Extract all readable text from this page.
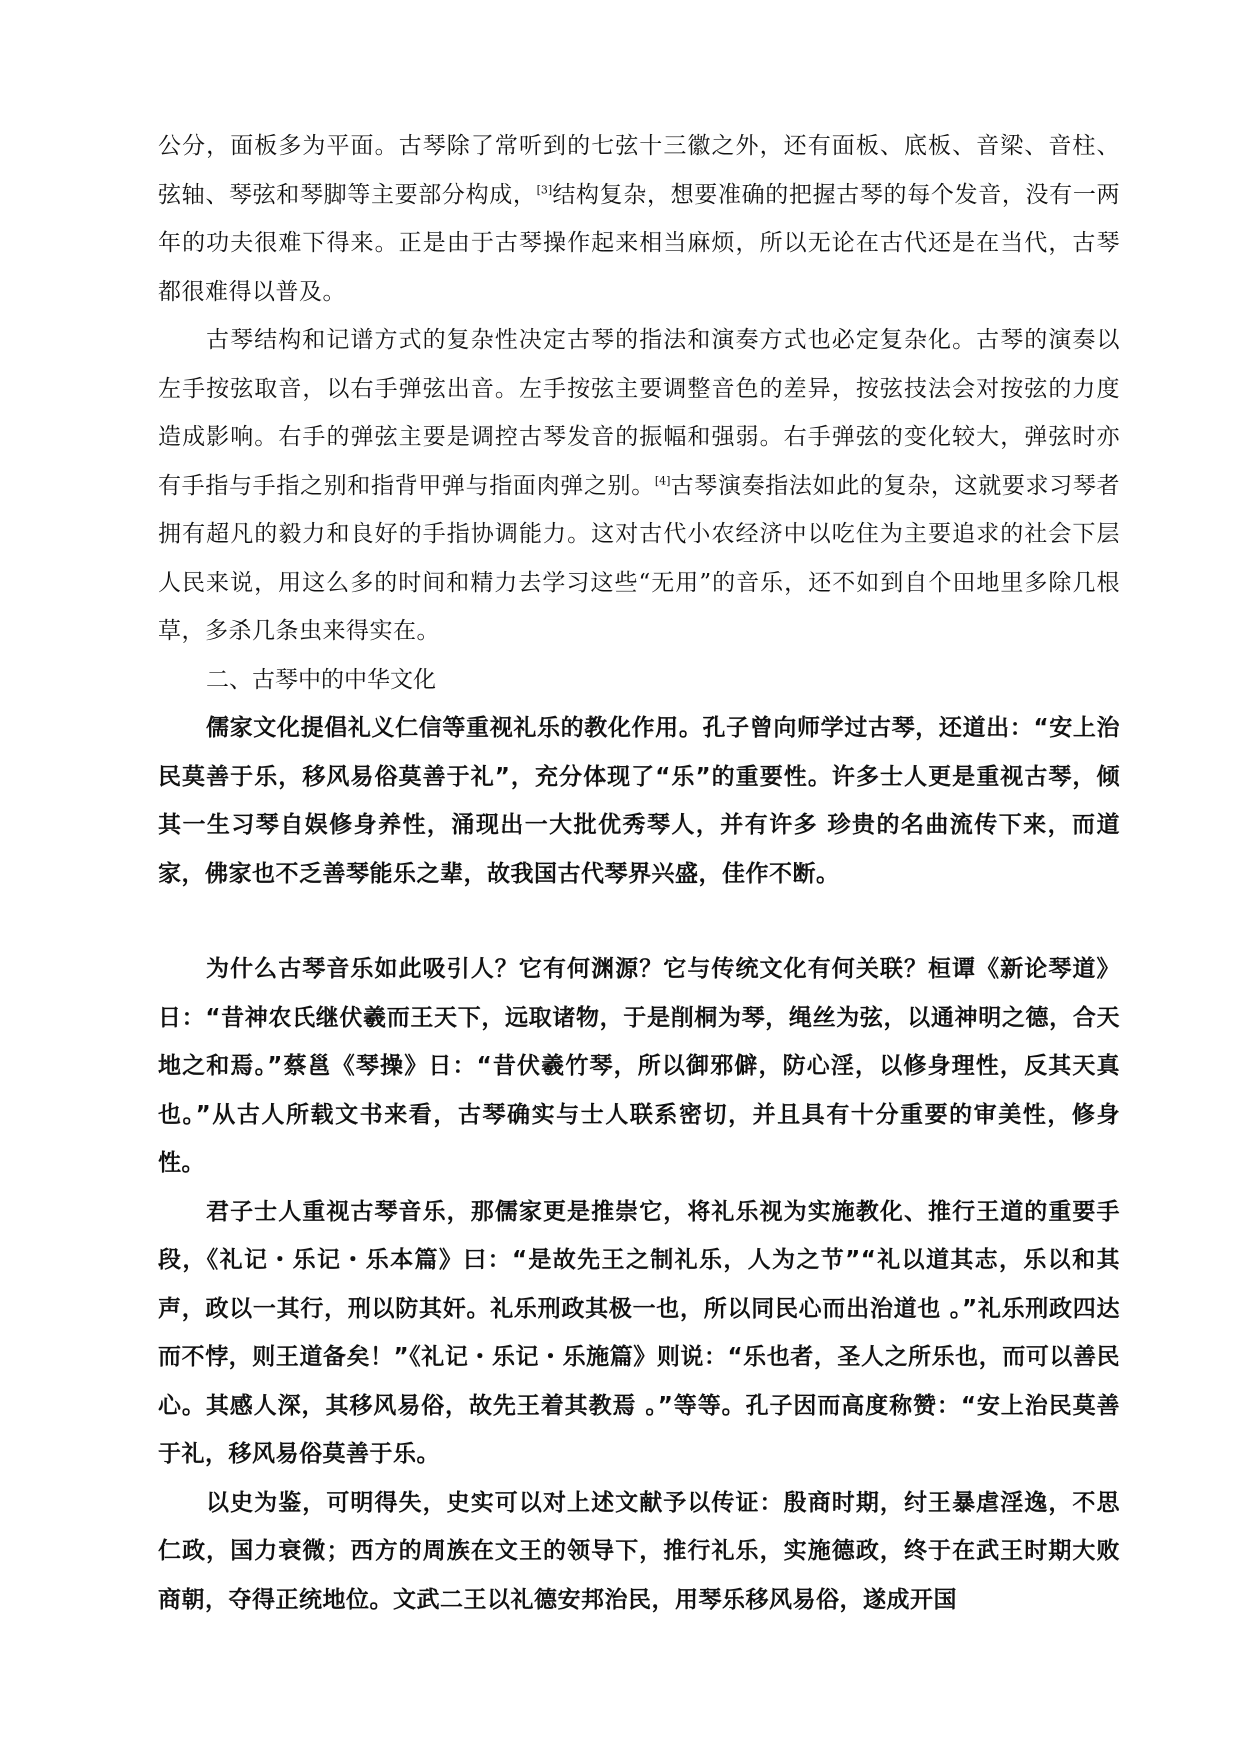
公分，面板多为平面。古琴除了常听到的七弦十三徽之外，还有面板、底板、音梁、音柱、弦轴、琴弦和琴脚等主要部分构成，[3]结构复杂，想要准确的把握古琴的每个发音，没有一两年的功夫很难下得来。正是由于古琴操作起来相当麻烦，所以无论在古代还是在当代，古琴都很难得以普及。

古琴结构和记谱方式的复杂性决定古琴的指法和演奏方式也必定复杂化。古琴的演奏以左手按弦取音，以右手弹弦出音。左手按弦主要调整音色的差异，按弦技法会对按弦的力度造成影响。右手的弹弦主要是调控古琴发音的振幅和强弱。右手弹弦的变化较大，弹弦时亦有手指与手指之别和指背甲弹与指面肉弹之别。[4]古琴演奏指法如此的复杂，这就要求习琴者拥有超凡的毅力和良好的手指协调能力。这对古代小农经济中以吃住为主要追求的社会下层人民来说，用这么多的时间和精力去学习这些“无用”的音乐，还不如到自个田地里多除几根草，多杀几条虫来得实在。

二、古琴中的中华文化

儒家文化提倡礼义仁信等重视礼乐的教化作用。孔子曾向师学过古琴，还道出：“安上治民莫善于乐，移风易俗莫善于礼”，充分体现了“乐”的重要性。许多士人更是重视古琴，倾其一生习琴自娱修身养性，涌现出一大批优秀琴人，并有许多 珍贵的名曲流传下来，而道家，佛家也不乏善琴能乐之辈，故我国古代琴界兴盛，佳作不断。

为什么古琴音乐如此吸引人？它有何渊源？它与传统文化有何关联？桓谭《新论琴道》日：“昔神农氏继伏羲而王天下，远取诸物，于是削桐为琴，绳丝为弦，以通神明之德，合天地之和焉。”蔡邕《琴操》日：“昔伏羲竹琴，所以御邪僻，防心淫，以修身理性，反其天真也。”从古人所载文书来看，古琴确实与士人联系密切，并且具有十分重要的审美性，修身性。

君子士人重视古琴音乐，那儒家更是推崇它，将礼乐视为实施教化、推行王道的重要手段，《礼记・乐记・乐本篇》曰：“是故先王之制礼乐，人为之节”“礼以道其志，乐以和其声，政以一其行，刑以防其奸。礼乐刑政其极一也，所以同民心而出治道也 。”礼乐刑政四达而不悖，则王道备矣！”《礼记・乐记・乐施篇》则说：“乐也者，圣人之所乐也，而可以善民心。其感人深，其移风易俗，故先王着其教焉 。”等等。孔子因而高度称赞：“安上治民莫善于礼，移风易俗莫善于乐。

以史为鉴，可明得失，史实可以对上述文献予以传证：殷商时期，纣王暴虐淫逸，不思仁政，国力衰微；西方的周族在文王的领导下，推行礼乐，实施德政，终于在武王时期大败商朝，夺得正统地位。文武二王以礼德安邦治民，用琴乐移风易俗，遂成开国
